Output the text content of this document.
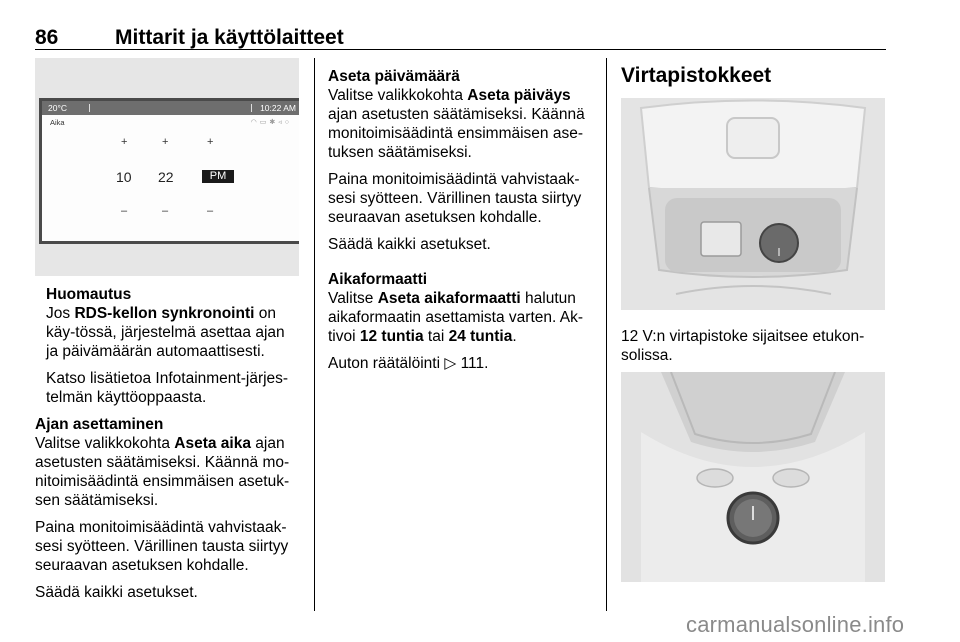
86	Mittarit ja käyttölaitteet
20°C	10:22 AM
Aika	◠▭✱◃○
+	+	+
10 22	PM
–	–	–
Huomautus

Jos RDS-kellon synkronointi on käy-tössä, järjestelmä asettaa ajan ja päivämäärän automaattisesti.

Katso lisätietoa Infotainment-järjes-telmän käyttöoppaasta.

Ajan asettaminen

Valitse valikkokohta Aseta aika ajan asetusten säätämiseksi. Käännä mo-nitoimisäädintä ensimmäisen asetuk-sen säätämiseksi.

Paina monitoimisäädintä vahvistaak-sesi syötteen. Värillinen tausta siirtyy seuraavan asetuksen kohdalle.

Säädä kaikki asetukset.

Aseta päivämäärä

Valitse valikkokohta Aseta päiväys ajan asetusten säätämiseksi. Käännä monitoimisäädintä ensimmäisen ase-tuksen säätämiseksi.

Paina monitoimisäädintä vahvistaak-sesi syötteen. Värillinen tausta siirtyy seuraavan asetuksen kohdalle.

Säädä kaikki asetukset.

Aikaformaatti

Valitse Aseta aikaformaatti halutun aikaformaatin asettamista varten. Ak-tivoi 12 tuntia tai 24 tuntia.

Auton räätälöinti ▷ 111.

Virtapistokkeet
12 V:n virtapistoke sijaitsee etukon-solissa.
carmanualsonline.info
